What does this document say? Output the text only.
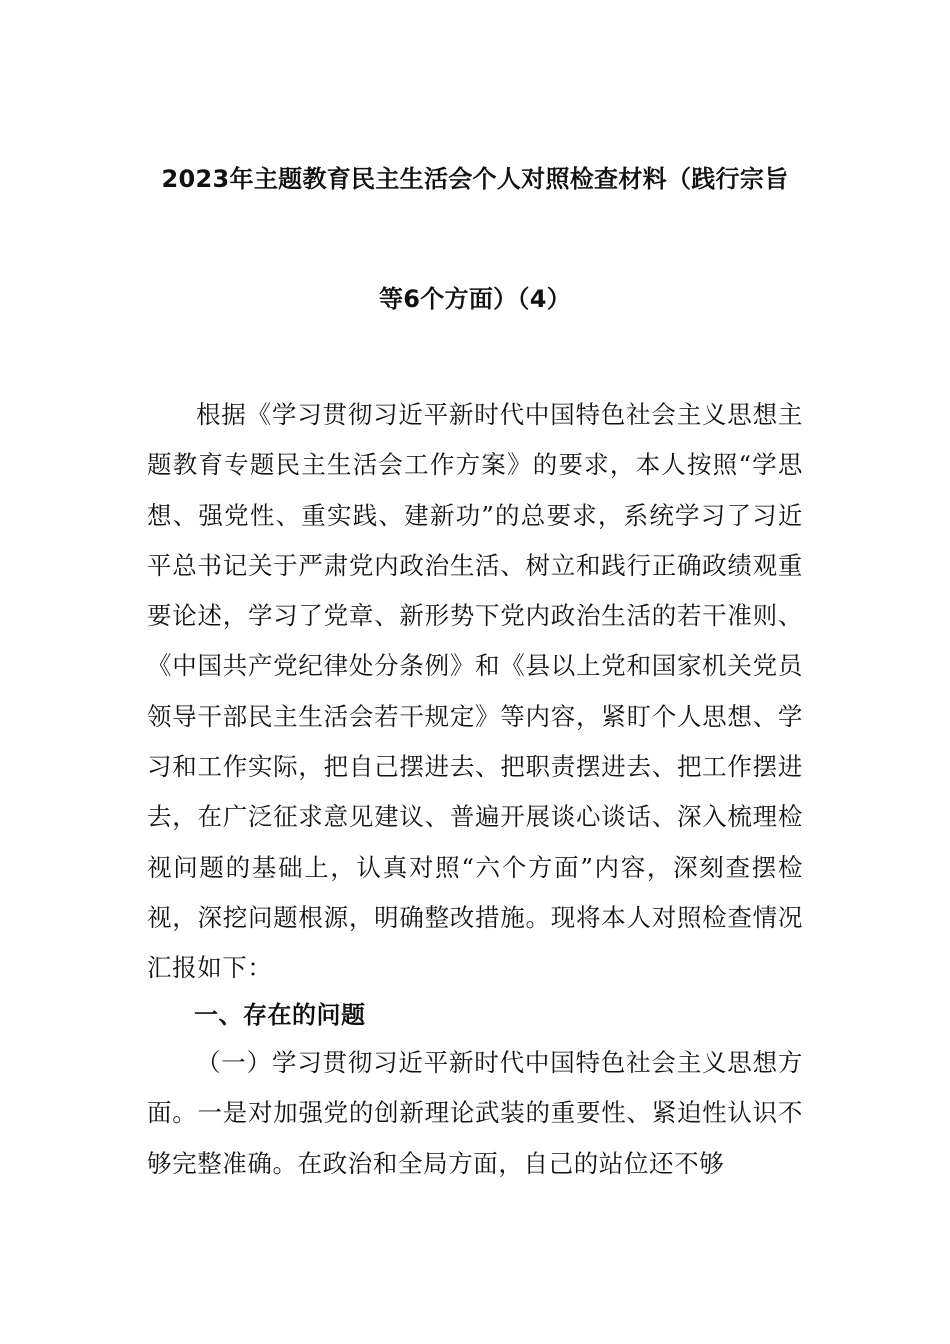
2023年主题教育民主生活会个人对照检查材料（践行宗旨
等6个方面）（4）

根据《学习贯彻习近平新时代中国特色社会主义思想主题教育专题民主生活会工作方案》的要求，本人按照“学思想、强党性、重实践、建新功”的总要求，系统学习了习近平总书记关于严肃党内政治生活、树立和践行正确政绩观重要论述，学习了党章、新形势下党内政治生活的若干准则、《中国共产党纪律处分条例》和《县以上党和国家机关党员领导干部民主生活会若干规定》等内容，紧盯个人思想、学习和工作实际，把自己摆进去、把职责摆进去、把工作摆进去，在广泛征求意见建议、普遍开展谈心谈话、深入梳理检视问题的基础上，认真对照“六个方面”内容，深刻查摆检视，深挖问题根源，明确整改措施。现将本人对照检查情况汇报如下：

一、存在的问题

（一）学习贯彻习近平新时代中国特色社会主义思想方面。一是对加强党的创新理论武装的重要性、紧迫性认识不够完整准确。在政治和全局方面，自己的站位还不够
